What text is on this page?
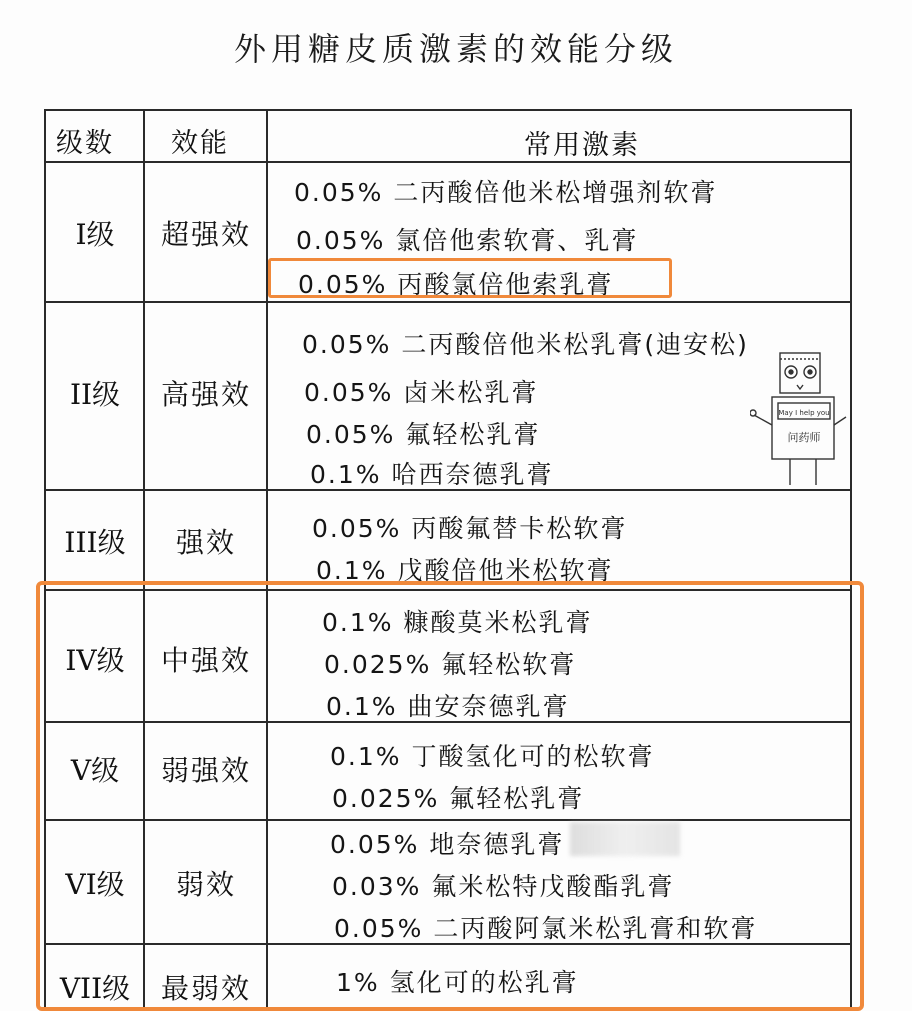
外用糖皮质激素的效能分级
级数 效能	常用激素
I级	超强效
0.05% 二丙酸倍他米松增强剂软膏
0.05% 氯倍他索软膏、乳膏
0.05% 丙酸氯倍他索乳膏
II级	高强效
0.05% 二丙酸倍他米松乳膏(迪安松)
0.05% 卤米松乳膏
0.05% 氟轻松乳膏
0.1% 哈西奈德乳膏
III级	强效	0.05% 丙酸氟替卡松软膏
0.1% 戊酸倍他米松软膏
IV级	中强效
0.1% 糠酸莫米松乳膏
0.025% 氟轻松软膏
0.1% 曲安奈德乳膏
V级	弱强效	0.1% 丁酸氢化可的松软膏
0.025% 氟轻松乳膏
VI级	弱效
0.05% 地奈德乳膏
0.03% 氟米松特戊酸酯乳膏
0.05% 二丙酸阿氯米松乳膏和软膏
VII级	最弱效	1% 氢化可的松乳膏
May I help you
问药师
